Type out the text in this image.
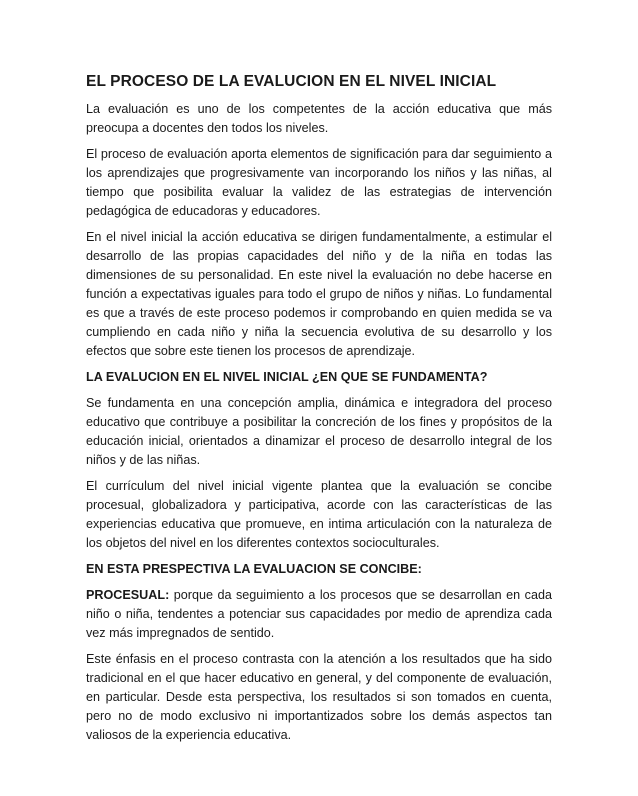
EL PROCESO DE LA EVALUCION EN EL NIVEL INICIAL

La evaluación es uno de los competentes de la acción educativa que más preocupa a docentes den todos los niveles.

El proceso de evaluación aporta elementos de significación para dar seguimiento a los aprendizajes que progresivamente van incorporando los niños y las niñas, al tiempo que posibilita evaluar la validez de las estrategias de intervención pedagógica de educadoras y educadores.

En el nivel inicial la acción educativa se dirigen fundamentalmente, a estimular el desarrollo de las propias capacidades del niño y de la niña en todas las dimensiones de su personalidad. En este nivel la evaluación no debe hacerse en función a expectativas iguales para todo el grupo de niños y niñas. Lo fundamental es que a través de este proceso podemos ir comprobando en quien medida se va cumpliendo en cada niño y niña la secuencia evolutiva de su desarrollo y los efectos que sobre este tienen los procesos de aprendizaje.

LA EVALUCION EN EL NIVEL INICIAL ¿EN QUE SE FUNDAMENTA?

Se fundamenta en una concepción amplia, dinámica e integradora del proceso educativo que contribuye a posibilitar la concreción de los fines y propósitos de la educación inicial, orientados a dinamizar el proceso de desarrollo integral de los niños y de las niñas.

El currículum del nivel inicial vigente plantea que la evaluación se concibe procesual, globalizadora y participativa, acorde con las características de las experiencias educativa que promueve, en intima articulación con la naturaleza de los objetos del nivel en los diferentes contextos socioculturales.

EN ESTA PRESPECTIVA LA EVALUACION SE CONCIBE:

PROCESUAL: porque da seguimiento a los procesos que se desarrollan en cada niño o niña, tendentes a potenciar sus capacidades por medio de aprendiza cada vez más impregnados de sentido.

Este énfasis en el proceso contrasta con la atención a los resultados que ha sido tradicional en el que hacer educativo en general, y del componente de evaluación, en particular. Desde esta perspectiva, los resultados si son tomados en cuenta, pero no de modo exclusivo ni importantizados sobre los demás aspectos tan valiosos de la experiencia educativa.
